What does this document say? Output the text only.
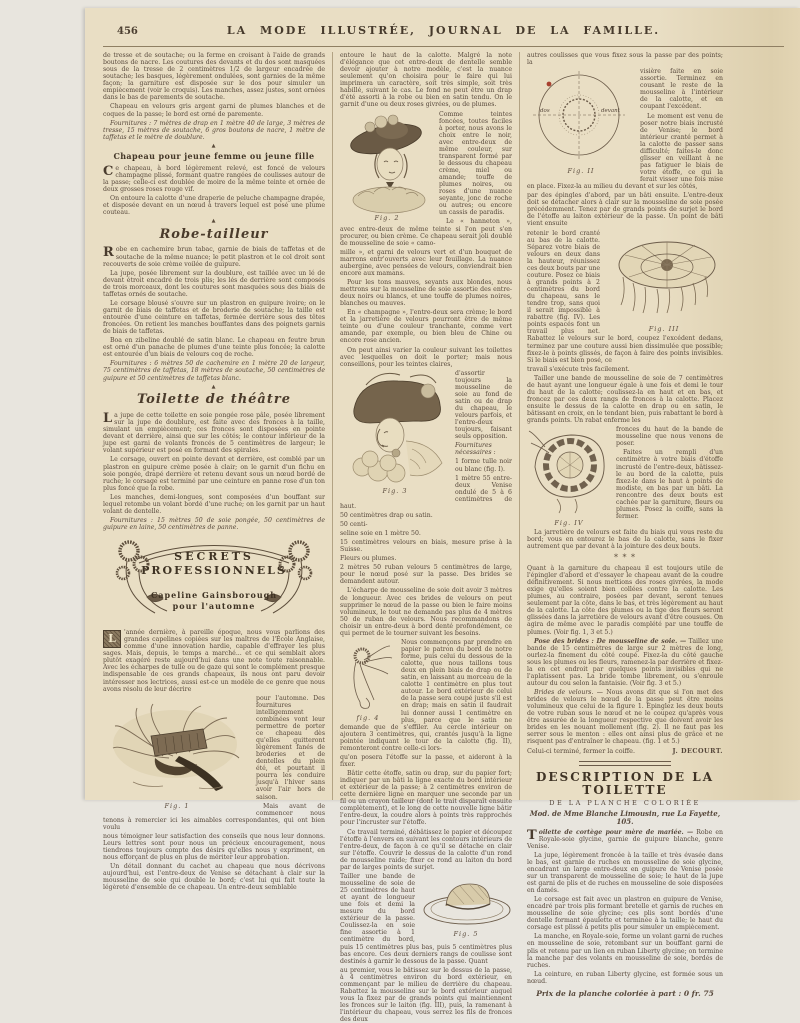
456	LA MODE ILLUSTRÉE, JOURNAL DE LA FAMILLE.

de tresse et de soutache; ou la ferme en croisant à l'aide de grands boutons de nacre. Les coutures des devants et du dos sont masquées sous de la tresse de 2 centimètres 1/2 de largeur encadrée de soutache; les basques, légèrement ondulées, sont garnies de la même façon; la garniture est disposée sur le dos pour simuler un empiècement (voir le croquis). Les manches, assez justes, sont ornées dans le bas de parements de soutache.

Chapeau en velours gris argent garni de plumes blanches et de coques de la passe; le bord est orné de paremente.

Fournitures : 7 mètres de drap en 1 mètre 40 de large, 3 mètres de tresse, 15 mètres de soutache, 6 gros boutons de nacre, 1 mètre de taffetas et le mètre de doublure.

▲
Chapeau pour jeune femme ou jeune fille

Ce chapeau, à bord légèrement relevé, est foncé de velours champagne plissé, formant quatre rangées de coulisses autour de la passe; celle-ci est doublée de moire de la même teinte et ornée de deux grosses roses rouge vif.

On entoure la calotte d'une draperie de peluche champagne drapée, et disposée devant en un nœud à travers lequel est posé une plume couteau.

▲
Robe-tailleur

Robe en cachemire brun tabac, garnie de biais de taffetas et de soutache de la même nuance; le petit plastron et le col droit sont recouverts de soie crème voilée de guipure.

La jupe, posée librement sur la doublure, est taillée avec un lé de devant étroit encadré de trois plis; les lés de derrière sont composés de trois morceaux, dont les coutures sont masquées sous des biais de taffetas ornés de soutache.

Le corsage blousé s'ouvre sur un plastron en guipure ivoire; on le garnit de biais de taffetas et de broderie de soutache; la taille est entourée d'une ceinture en taffetas, fermée derrière sous des têtes froncées. On retient les manches bouffantes dans des poignets garnis de biais de taffetas.

Boa en zibeline doublé de satin blanc. Le chapeau en feutre brun est orné d'un panache de plumes d'une teinte plus foncée; la calotte est entourée d'un biais de velours coq de roche.

Fournitures : 6 mètres 50 de cachemire en 1 mètre 20 de largeur, 75 centimètres de taffetas, 18 mètres de soutache, 50 centimètres de guipure et 50 centimètres de taffetas blanc.

▲
Toilette de théâtre

La jupe de cette toilette en soie pongée rose pâle, posée librement sur la jupe de doublure, est faite avec des fronces à la taille, simulant un empiècement; ces fronces sont disposées en pointe devant et derrière, ainsi que sur les côtés; le contour inférieur de la jupe est garni de volants froncés de 5 centimètres de largeur; le volant supérieur est posé en formant des spirales.

Le corsage, ouvert en pointe devant et derrière, est comblé par un plastron en guipure crème posée à clair; on le garnit d'un fichu en soie pongée, drapé derrière et retenu devant sous un nœud bordé de ruche; le corsage est terminé par une ceinture en panne rose d'un ton plus foncé que la robe.

Les manches, demi-longues, sont composées d'un bouffant sur lequel retombe un volant bordé d'une ruche; on les garnit par un haut volant de dentelle.

Fournitures : 15 mètres 50 de soie pongée, 50 centimètres de guipure en laine, 50 centimètres de panne.

SECRETS
PROFESSIONNELS
Capeline Gainsborough
pour l'automne

L	'année dernière, à pareille époque, nous vous parlions des grandes capelines copiées sur les maîtres de l'École Anglaise, comme d'une innovation hardie, capable d'effrayer les plus sages. Mais, depuis, le temps a marché... et ce qui semblait alors plutôt exagéré reste aujourd'hui dans une note toute raisonnable. Avec les écharpes de tulle ou de gaze qui sont le complément presque indispensable de ces grands chapeaux, ils nous ont paru devoir intéresser nos lectrices, aussi est-ce un modèle de ce genre que nous avons résolu de leur décrire

Fig. 1

pour l'automne. Des fournitures intelligemment combinées vont leur permettre de porter ce chapeau dès qu'elles quitteront légèrement fanés de broderies et de dentelles du plein été, et pourtant il pourra les conduire jusqu'à l'hiver sans avoir l'air hors de saison.

Mais avant de commencer nous tenons à remercier ici les aimables correspondantes, qui ont bien voulu

nous témoigner leur satisfaction des conseils que nous leur donnons. Leurs lettres sont pour nous un précieux encouragement, nous tiendrons toujours compte des désirs qu'elles nous y expriment, en nous efforçant de plus en plus de mériter leur approbation.

Un détail donnant du cachet au chapeau que nous décrivons aujourd'hui, est l'entre-deux de Venise se détachant à clair sur la mousseline de soie qui double le bord; c'est lui qui fait toute la légèreté d'ensemble de ce chapeau. Un entre-deux semblable

entoure le haut de la calotte. Malgré la note d'élégance que cet entre-deux de dentelle semble devoir ajouter à notre modèle, c'est la nuance seulement qu'on choisira pour le faire qui lui imprimera un caractère, soit très simple, soit très habillé, suivant le cas. Le fond ne peut être un drap d'été assorti à la robe ou bien en satin tendu. On le garnit d'une ou deux roses givrées, ou de plumes.

Fig. 2

Comme teintes foncées, toutes faciles à porter, nous avons le choix entre le noir, avec entre-deux de même couleur, sur transparent formé par le dessous du chapeau crème, miel ou amande; touffe de plumes noires, ou roses d'une nuance seyante, jonc de roche ou autres; ou encore un cassis de paradis.

Le « hanneton », avec entre-deux de même teinte si l'on peut s'en procurer, ou bien crème. Ce chapeau serait joli doublé de mousseline de soie « camo-

mille », et garni de velours vert et d'un bouquet de marrons entr'ouverts avec leur feuillage. La nuance aubergine, avec pensées de velours, conviendrait bien encore aux mamans.

Pour les tons mauves, seyants aux blondes, nous mettrons sur la mousseline de soie assortie des entre-deux noirs ou blancs, et une touffe de plumes noires, blanches ou mauves.

En « champagne », l'entre-deux sera crème; le bord et la jarretière de velours pourront être de même teinte ou d'une couleur tranchante, comme vert amande, par exemple, ou bien bleu de Chine ou encore rose ancien.

On peut ainsi varier la couleur suivant les toilettes avec lesquelles on doit le porter; mais nous conseillons, pour les teintes claires,

Fig. 3

d'assortir toujours la mousseline de soie au fond de satin ou de drap du chapeau, le velours parfois, et l'entre-deux toujours, faisant seuls opposition.

Fournitures nécessaires :

1 forme tulle noir ou blanc (fig. I).

1 mètre 55 entre-deux Venise ondulé de 5 à 6 centimètres de haut.

50 centimètres drap ou satin.

50 centi-

seline soie en 1 mètre 50.

15 centimètres velours en biais, mesure prise à la Suisse.

Fleurs ou plumes.

2 mètres 50 ruban velours 5 centimètres de large, pour le nœud posé sur la passe. Des brides se demandent autour.

L'écharpe de mousseline de soie doit avoir 3 mètres de longueur. Avec ces brides de velours on peut supprimer le nœud de la passe ou bien le faire moins volumineux, le tout ne demande pas plus de 4 mètres 50 de ruban de velours. Nous recommandons de choisir un entre-deux à bord denté profondément, ce qui permet de le tourner suivant les besoins.

fig. 4

Nous commençons par prendre en papier le patron du bord de notre forme, puis celui du dessous de la calotte, que nous taillons tous deux en plein biais de drap ou de satin, en laissant au morceau de la calotte 1 centimètre en plus tout autour. Le bord extérieur de celui de la passe sera coupé juste s'il est en drap; mais en satin il faudrait lui donner aussi 1 centimètre en plus, parce que le satin ne demande que de s'effiler. Au cercle intérieur on ajoutera 3 centimètres, qui, crantés jusqu'à la ligne pointée indiquant le tour de la calotte (fig. II), remonteront contre celle-ci lors-

qu'on posera l'étoffe sur la passe, et aideront à la fixer.

Bâtir cette étoffe, satin ou drap, sur du papier fort; indiquer par un bâti la ligne exacte du bord intérieur et extérieur de la passe; à 2 centimètres environ de cette dernière ligne en marquer une seconde par un fil ou un crayon tailleur (dont le trait disparaît ensuite complètement), et le long de cette nouvelle ligne bâtir l'entre-deux, la coudre alors à points très rapprochés pour l'incruster sur l'étoffe.

Ce travail terminé, débâtissez le papier et découpez l'étoffe à l'envers en suivant les contours intérieurs de l'entre-deux, de façon à ce qu'il se détache en clair sur l'étoffe. Couvrir le dessus de la calotte d'un rond de mousseline raide; fixer ce rond au laiton du bord par de larges points de surjet.

Fig. 5

Tailler une bande de mousseline de soie de 25 centimètres de haut et ayant de longueur une fois et demi la mesure du bord extérieur de la passe. Coulissez-la en soie fine assortie à 1 centimètre du bord, puis 15 centimètres plus bas, puis 5 centimètres plus bas encore. Ces deux derniers rangs de coulisse sont destinés à garnir le dessous de la passe. Quant

au premier, vous le bâtissez sur le dessus de la passe, à 4 centimètres environ du bord extérieur, en commençant par le milieu de derrière du chapeau. Rabattez la mousseline sur le bord extérieur auquel vous la fixez par de grands points qui maintiennent les fronces sur le laiton (fig. III), puis, la ramenant à l'intérieur du chapeau, vous serrez les fils de fronces des deux

autres coulisses que vous fixez sous la passe par des points; la

dos	devant
Fig. II

visière faite en soie assortie. Terminez en cousant le reste de la mousseline à l'intérieur de la calotte, et en coupant l'excédent.

Le moment est venu de poser notre biais incrusté de Venise; le bord intérieur cranté permet à la calotte de passer sans difficulté; faites-le donc glisser en veillant à ne pas fatiguer le biais de votre étoffe, ce qui la ferait visser une fois mise en place. Fixez-la au milieu du devant et sur les côtés,

par des épingles d'abord, par un bâti ensuite. L'entre-deux doit se détacher alors à clair sur la mousseline de soie posée précédemment. Tenez par de grands points de surjet le bord de l'étoffe au laiton extérieur de la passe. Un point de bâti vient ensuite

Fig. III

retenir le bord cranté au bas de la calotte. Séparez votre biais de velours en deux dans la hauteur, réunissez ces deux bouts par une couture. Posez ce biais à grands points à 2 centimètres du bord du chapeau, sans le tendre trop, sans quoi il serait impossible à rabattre (fig. IV). Les points espacés font un travail plus net. Rabattez le velours sur le bord, coupez l'excédent dedans, terminez par une couture aussi bien dissimulée que possible; fixez-le à points glissés, de façon à faire des points invisibles. Si le biais est bien posé, ce

travail s'exécute très facilement.

Tailler une bande de mousseline de soie de 7 centimètres de haut ayant une longueur égale à une fois et demi le tour du haut de la calotte; coulissez-la en haut et en bas, et froncez par ces deux rangs de fronces à la calotte. Placez ensuite le dessus de la calotte en drap ou en satin, le bâtissant en croix, en le tendant bien, puis rabattant le bord à grands points. Un rabat enferme les

Fig. IV

fronces du haut de la bande de mousseline que nous venons de poser.

Faites un rempli d'un centimètre à votre biais d'étoffe incrusté de l'entre-deux, bâtissez-le au bord de la calotte, puis fixez-le dans le haut à points de modiste, en bas par un bâti. La rencontre des deux bouts est cachée par la garniture, fleurs ou plumes. Posez la coiffe, sans la fermer.

La jarretière de velours est faite du biais qui vous reste du bord; vous en entourez le bas de la calotte, sans le fixer autrement que par devant à la jointure des deux bouts.

* * *

Quant à la garniture du chapeau il est toujours utile de l'épingler d'abord et d'essayer le chapeau avant de la coudre définitivement. Si nous mettions des roses givrées, la mode exige qu'elles soient bien collées contre la calotte. Les plumes, au contraire, posées par devant, seront tenues seulement par la côte, dans le bas, et très légèrement au haut de la calotte. La côte des plumes ou la tige des fleurs seront glissées dans la jarretière de velours avant d'être cousues. On agira de même avec le paradis complété par une touffe de plumes. (Voir fig. 1, 3 et 5.)

Pose des brides : De mousseline de soie. — Taillez une bande de 15 centimètres de large sur 2 mètres de long, ourlez-la finement du côté coupé. Fixez-la du côté gauche sous les plumes ou les fleurs, ramenez-la par derrière et fixez-la en cet endroit par quelques points invisibles qui ne l'aplatissent pas. La bride tombe librement, ou s'enroule autour du cou selon la fantaisie. (Voir fig. 3 et 5.)

Brides de velours. — Nous avons dit que si l'on met des brides de velours le nœud de la passe peut être moins volumineux que celui de la figure 1. Épinglez les deux bouts de votre ruban sous le nœud et ne le coupez qu'après vous être assurée de la longueur respective que doivent avoir les brides en les nouant mollement (fig. 2). Il ne faut pas les serrer sous le menton : elles ont ainsi plus de grâce et ne risquent pas d'entraîner le chapeau. (fig. 1 et 5.)

Celui-ci terminé, fermer la coiffe.	J. DECOURT.
DESCRIPTION DE LA TOILETTE
DE LA PLANCHE COLORIÉE
Mod. de Mme Blanche Limousin, rue La Fayette, 105.

Toilette de cortège pour mère de mariée. — Robe en Royale-soie glycine, garnie de guipure blanche, genre Venise.

La jupe, légèrement froncée à la taille et très évasée dans le bas, est garnie de ruches en mousseline de soie glycine, encadrant un large entre-deux en guipure de Venise posée sur un transparent de mousseline de soie; le haut de la jupe est garni de plis et de ruches en mousseline de soie disposées en damés.

Le corsage est fait avec un plastron en guipure de Venise, encadré par trois plis formant bretelle et garnis de ruches en mousseline de soie glycine; ces plis sont bordés d'une dentelle formant épaulette et terminée à la taille; le haut du corsage est plissé à petits plis pour simuler un empiècement.

La manche, en Royale-soie, forme un volant garni de ruches en mousseline de soie, retombant sur un bouffant garni de plis et retenu par un lien en ruban Liberty glycine; on termine la manche par des volants en mousseline de soie, bordés de ruches.

La ceinture, en ruban Liberty glycine, est formée sous un nœud.

Prix de la planche coloriée à part : 0 fr. 75
